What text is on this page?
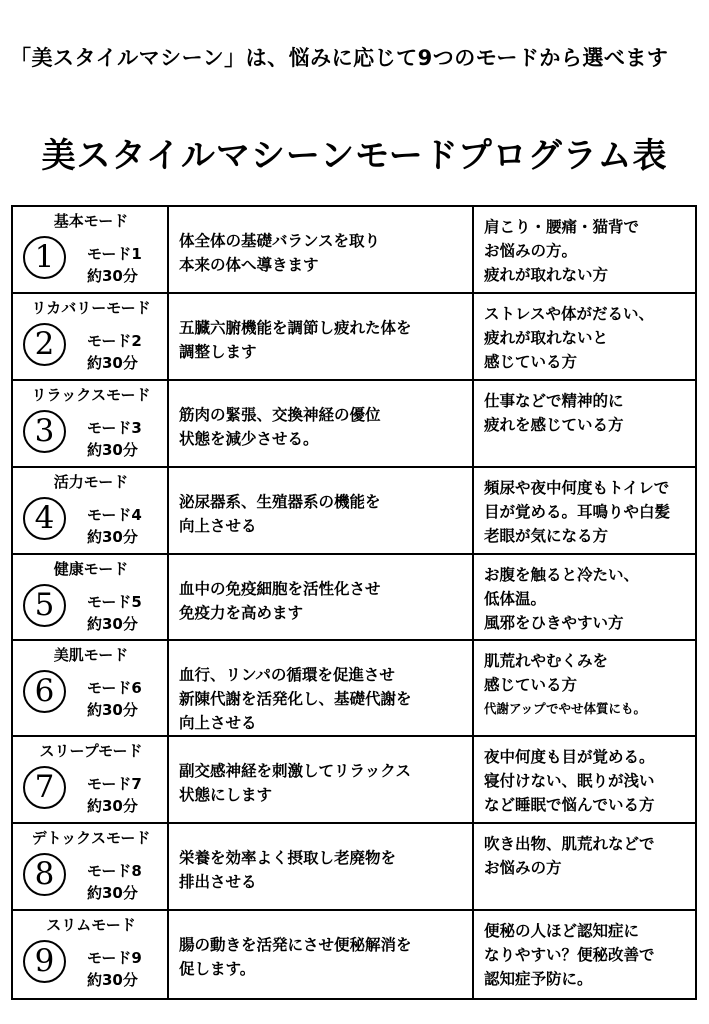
「美スタイルマシーン」は、悩みに応じて9つのモードから選べます
美スタイルマシーンモードプログラム表
基本モード
1 モード1
約30分
体全体の基礎バランスを取り
本来の体へ導きます
肩こり・腰痛・猫背で
お悩みの方。
疲れが取れない方
リカバリーモード
2 モード2
約30分
五臓六腑機能を調節し疲れた体を
調整します
ストレスや体がだるい、
疲れが取れないと
感じている方
リラックスモード
3 モード3
約30分
筋肉の緊張、交換神経の優位
状態を減少させる。
仕事などで精神的に
疲れを感じている方
活力モード
4 モード4
約30分
泌尿器系、生殖器系の機能を
向上させる
頻尿や夜中何度もトイレで
目が覚める。耳鳴りや白髪
老眼が気になる方
健康モード
5 モード5
約30分
血中の免疫細胞を活性化させ
免疫力を高めます
お腹を触ると冷たい、
低体温。
風邪をひきやすい方
美肌モード
6 モード6
約30分
血行、リンパの循環を促進させ
新陳代謝を活発化し、基礎代謝を
向上させる
肌荒れやむくみを
感じている方
代謝アップでやせ体質にも。
スリープモード
7 モード7
約30分
副交感神経を刺激してリラックス
状態にします
夜中何度も目が覚める。
寝付けない、眠りが浅い
など睡眠で悩んでいる方
デトックスモード
8 モード8
約30分
栄養を効率よく摂取し老廃物を
排出させる
吹き出物、肌荒れなどで
お悩みの方
スリムモード
9 モード9
約30分
腸の動きを活発にさせ便秘解消を
促します。
便秘の人ほど認知症に
なりやすい？便秘改善で
認知症予防に。
